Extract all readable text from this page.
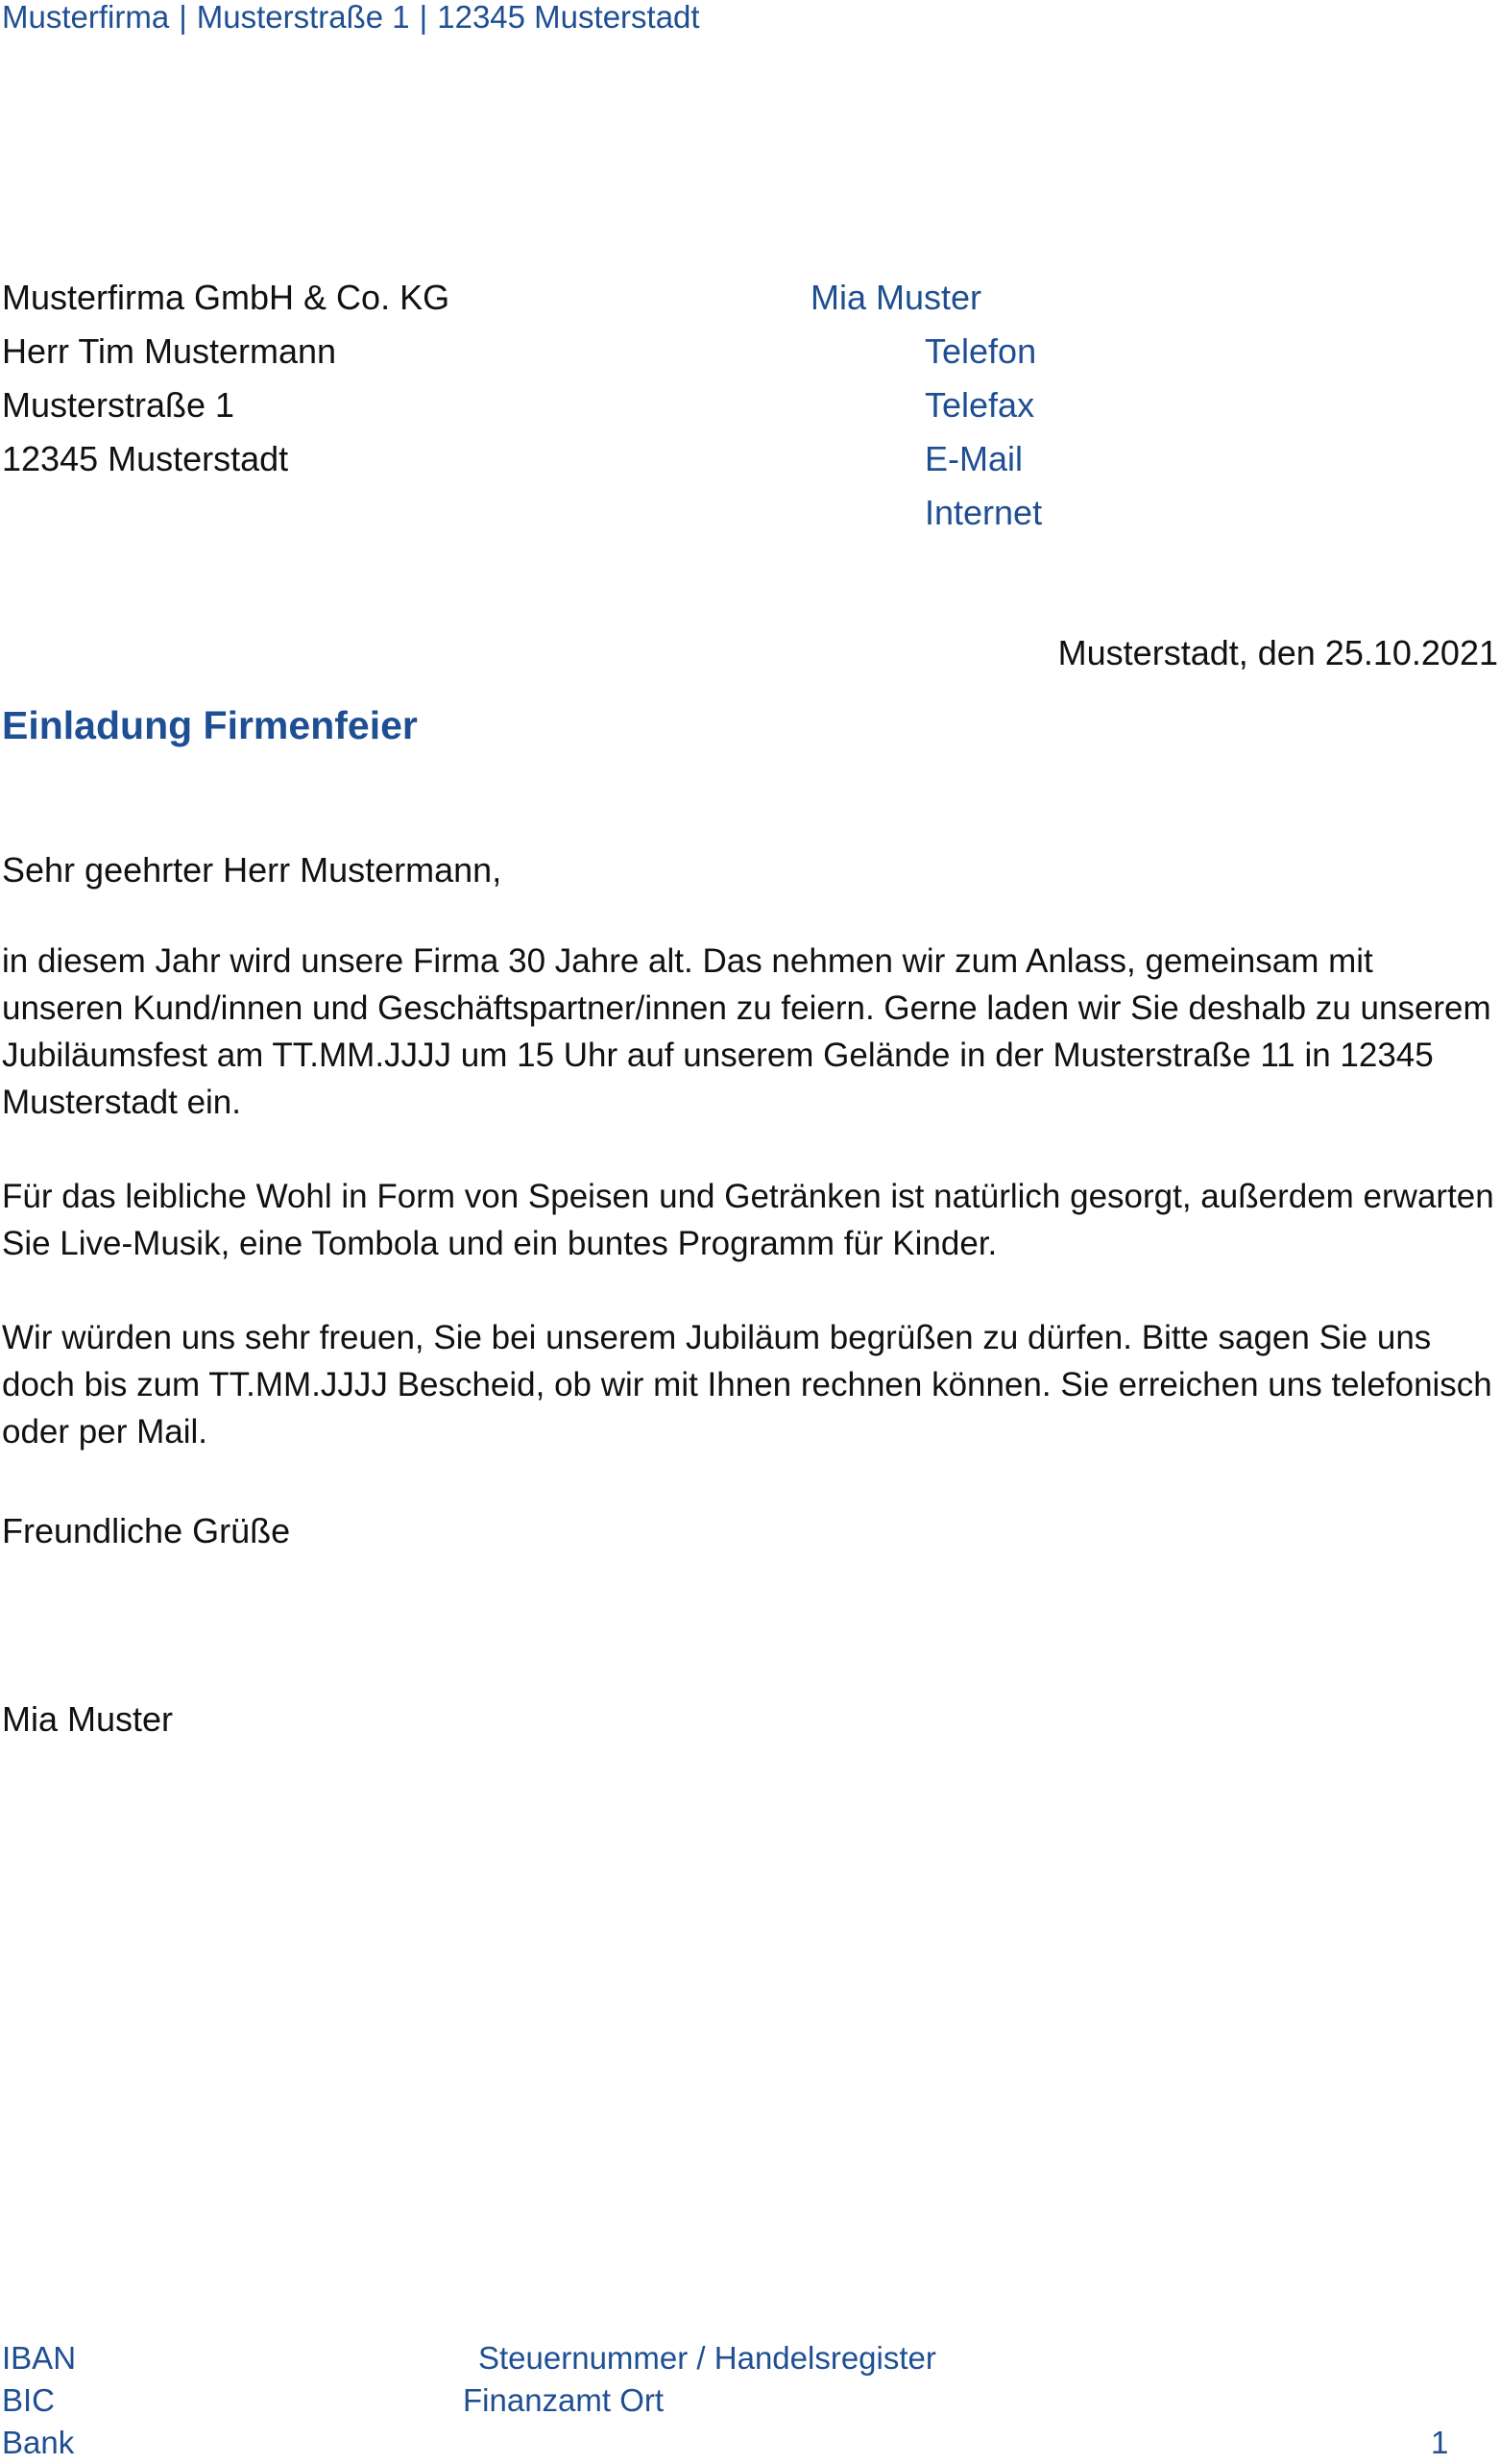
Musterfirma | Musterstraße 1 | 12345 Musterstadt
Musterfirma GmbH & Co. KG
Herr Tim Mustermann
Musterstraße 1
12345 Musterstadt
Mia Muster
Telefon
Telefax
E-Mail
Internet
Musterstadt, den 25.10.2021
Einladung Firmenfeier
Sehr geehrter Herr Mustermann,

in diesem Jahr wird unsere Firma 30 Jahre alt. Das nehmen wir zum Anlass, gemeinsam mit unseren Kund/innen und Geschäftspartner/innen zu feiern. Gerne laden wir Sie deshalb zu unserem Jubiläumsfest am TT.MM.JJJJ um 15 Uhr auf unserem Gelände in der Musterstraße 11 in 12345 Musterstadt ein.

Für das leibliche Wohl in Form von Speisen und Getränken ist natürlich gesorgt, außerdem erwarten Sie Live-Musik, eine Tombola und ein buntes Programm für Kinder.

Wir würden uns sehr freuen, Sie bei unserem Jubiläum begrüßen zu dürfen. Bitte sagen Sie uns doch bis zum TT.MM.JJJJ Bescheid, ob wir mit Ihnen rechnen können. Sie erreichen uns telefonisch oder per Mail.

Freundliche Grüße
Mia Muster
IBAN
BIC
Bank
Steuernummer / Handelsregister
Finanzamt Ort
1
